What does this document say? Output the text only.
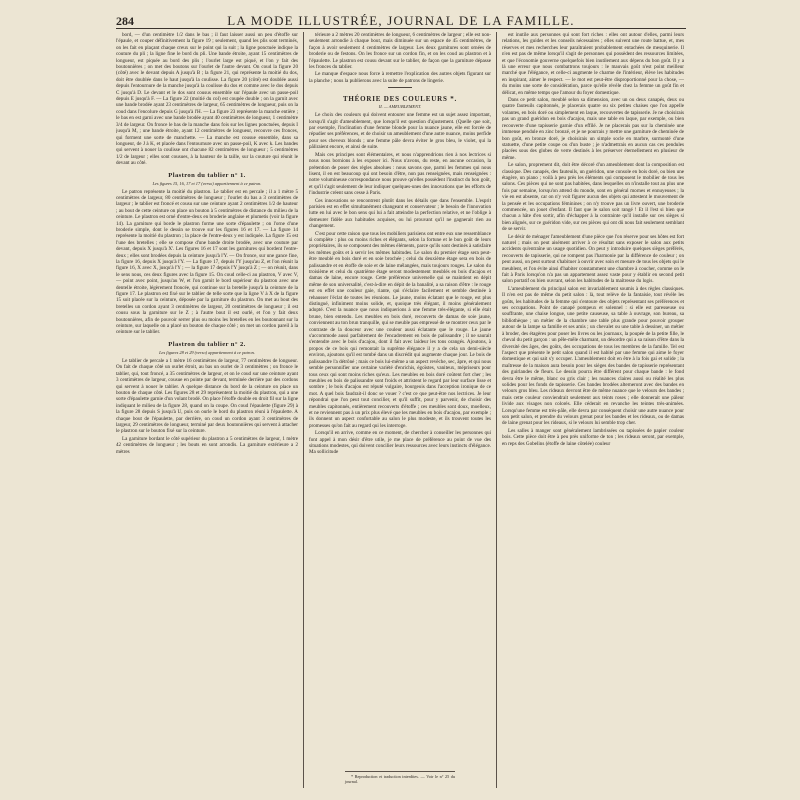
284	LA MODE ILLUSTRÉE, JOURNAL DE LA FAMILLE.

bord, — d'un centimètre 1/2 dans le bas ; il faut laisser aussi un peu d'étoffe sur l'épaule, et couper définitivement la figure 19 ; seulement, quand les plis sont terminés, on les fait en plaçant chaque creux sur le point qui la suit ; la ligne ponctuée indique la couture du pli ; la ligne fine le bord du pli. Une bande étroite, ayant 15 centimètres de longueur, est piquée au bord des plis ; l'ourlet large est piqué, et l'on y fait des boutonnières ; on met des boutons sur l'ourlet de l'autre devant. On coud la figure 20 (côté) avec le devant depuis A jusqu'à B ; la figure 21, qui représente la moitié du dos, doit être doublée dans le haut jusqu'à la coulisse. La figure 20 (côté) est doublée aussi depuis l'entournure de la manche jusqu'à la coulisse du dos et comme avec le dos depuis C jusqu'à D. Le devant et le dos sont cousus ensemble sur l'épaule avec un passe-poil depuis E jusqu'à F. — La figure 22 (moitié du col) est coupée double ; on la garnit avec une bande brodée ayant 23 centimètres de largeur, 65 centimètres de longueur, puis on la coud dans l'encolure depuis G jusqu'à l'H. — La figure 23 représente la manche entière ; le bas en est garni avec une bande brodée ayant 40 centimètres de longueur, 1 centimètre 3/4 de largeur. On fronce le bas de la manche dans fois sur les lignes ponctuées, depuis I jusqu'à M, ; une bande étroite, ayant 12 centimètres de longueur, recouvre ces fronces, qui forment une sorte de manchette. — La manche est cousue ensemble, dans sa longueur, de J à K, et placée dans l'entournure avec un passe-poil, K avec k. Les bandes qui servent à nouer la coulisse ont chacune 82 centimètres de longueur ; 5 centimètres 1/2 de largeur ; elles sont cousues, à la hauteur de la taille, sur la couture qui réunit le devant au côté.

Plastron du tablier n° 1.
Les figures 15, 16, 17 et 17 (verso) appartiennent à ce patron.

Le patron représente la moitié du plastron. Le tablier est en percale ; il a 1 mètre 5 centimètres de largeur, 80 centimètres de longueur ; l'ourlet du bas a 3 centimètres de largeur ; le tablier est froncé et cousu sur une ceinture ayant 2 centimètres 1/2 de hauteur ; au bout de cette ceinture on place un bouton à 5 centimètres de distance du milieu de la ceinture. Le plastron est orné d'entre-deux en broderie anglaise et plumetis (voir la figure 14). La garniture qui borde le plastron forme une sorte d'épaulette ; on l'orne d'une broderie simple, dont le dessin se trouve sur les figures 16 et 17. — La figure 14 représente la moitié du plastron ; la place de l'entre-deux y est indiquée. La figure 15 est l'une des bretelles ; elle se compose d'une bande droite brodée, avec une couture par devant, depuis X jusqu'à X'. Les figures 16 et 17 sont les garnitures qui bordent l'entre-deux ; elles sont brodées depuis la ceinture jusqu'à l'Y. — On fronce, sur une gance fine, la figure 16, depuis X jusqu'à l'Y. — La figure 17, depuis l'Y jusqu'au Z, et l'on réunit la figure 16, X avec X, jusqu'à l'Y ; — la figure 17 depuis l'Y jusqu'à Z ; — on réunit, dans le sens nous, ces deux figures avec la figure 15. On coud celle-ci au plastron, V avec V, — point avec point, jusqu'au W, et l'on garnit le bord supérieur du plastron avec une dentelle étroite, légèrement froncée, qui continue sur la bretelle jusqu'à la ceinture de la figure 17. Le plastron est fixé sur le tablier de telle sorte que la ligne V à X de la figure 15 soit placée sur la ceinture, déposée par la garniture du plastron. On met au bout des bretelles un cordon ayant 3 centimètres de largeur, 20 centimètres de longueur ; il est cousu sous la garniture sur le Z ; à l'autre bout il est ourlé, et l'on y fait deux boutonnières, afin de pouvoir serrer plus ou moins les bretelles en les boutonnant sur la ceinture, sur laquelle on a placé un bouton de chaque côté ; on met un cordon pareil à la ceinture sur le tablier.

Plastron du tablier n° 2.
Les figures 28 et 29 (verso) appartiennent à ce patron.

Le tablier de percale a 1 mètre 16 centimètres de largeur, 77 centimètres de longueur. On fait de chaque côté un ourlet étroit, au bas un ourlet de 3 centimètres ; on fronce le tablier, qui, tout froncé, a 35 centimètres de largeur, et on le coud sur une ceinture ayant 3 centimètres de largeur, cousue en pointe par devant, terminée derrière par des cordons qui servent à nouer le tablier. A quelque distance du bord de la ceinture on place un bouton de chaque côté. Les figures 28 et 29 représentent la moitié du plastron, qui a une sorte d'épaulette garnie d'un volant brodé. On place l'étoffe double en droit fil sur la ligne indiquant le milieu de la figure 28, quand on la coupe. On coud l'épaulette (figure 29) à la figure 28 depuis S jusqu'à U, puis on ourle le bord du plastron réuni à l'épaulette. A chaque bout de l'épaulette, par derrière, on coud un cordon ayant 3 centimètres de largeur, 29 centimètres de longueur, terminé par deux boutonnières qui servent à attacher le plastron sur le bouton fixé sur la ceinture.

La garniture bordant le côté supérieur du plastron a 5 centimètres de largeur, 1 mètre 42 centimètres de longueur ; les bouts en sont arrondis. La garniture extérieure a 2 mètres

térieure a 2 mètres 20 centimètres de longueur, 6 centimètres de largeur ; elle est non-seulement arrondie à chaque bout, mais diminuée sur un espace de 45 centimètres, de façon à avoir seulement 4 centimètres de largeur. Les deux garnitures sont ornées de broderie ou de festons. On les fronce sur un cordon fin, et on les coud au plastron et à l'épaulette. Le plastron est cousu devant sur le tablier, de façon que la garniture dépasse les fronces du tablier.

Le manque d'espace nous force à remettre l'explication des autres objets figurant sur la planche ; nous la publierons avec la suite de patrons de lingerie.

THÉORIE DES COULEURS *.
II. — AMEUBLEMENT.

Le choix des couleurs qui doivent entourer une femme est un sujet assez important, lorsqu'il s'agit d'ameublement, que lorsqu'il est question d'ajustement. (Quelle que soit, par exemple, l'inclination d'une femme blonde pour la nuance jaune, elle est forcée de répudier ses préférences, et de choisir un ameublement d'une autre nuance, moins perfide pour ses cheveux blonds ; une femme pâle devra éviter le gros bleu, le violet, qui la pâliraient encore, et ainsi de suite.

Mais ces principes sont élémentaires, et nous n'apprendrions rien à nos lectrices si nous nous bornions à les exposer ici. Nous n'avons, du reste, en aucune occasion, la prétention de poser des règles absolues : nous savons que, parmi les femmes qui nous lisent, il en est beaucoup qui ont besoin d'être, non pas renseignées, mais renseignées : notre volumineuse correspondance nous prouve qu'elles possèdent l'instinct du bon goût, et qu'il s'agit seulement de leur indiquer quelques-unes des innovations que les efforts de l'industrie créent sans cesse à Paris.

Ces innovations se rencontrent plutôt dans les détails que dans l'ensemble. L'esprit parisien est en effet simultanément changeant et conservateur ; le besoin de l'innovation lutte en lui avec le bon sens qui lui a fait atteindre la perfection relative, et ne l'oblige à demeurer fidèle aux habitudes acquises, ou lui prouvant qu'il ne gagnerait rien au changement.

C'est pour cette raison que tous les mobiliers parisiens ont entre eux une ressemblance si complète : plus ou moins riches et élégants, selon la fortune et le bon goût de leurs propriétaires, ils se composent des mêmes éléments, parce qu'ils sont destinés à satisfaire les mêmes goûts et à servir les mêmes habitudes. Le salon du premier étage sera peut-être meublé en bois doré et en soie brochée ; celui du deuxième étage sera en bois de palissandre et en étoffe de soie et de laine mélangées, mais toujours rouges. Le salon du troisième et celui du quatrième étage seront modestement meublés en bois d'acajou et damas de laine, encore rouge. Cette préférence universelle qui se maintient en dépit même de son universalité, c'est-à-dire en dépit de la banalité, a sa raison d'être : le rouge est en effet une couleur gaie, riante, qui s'éclaire facilement et semble destinée à rehausser l'éclat de toutes les réunions. Le jaune, moins éclatant que le rouge, est plus distingué, infiniment moins solide, et, quoique très élégant, il moins généralement adopté. C'est la nuance que nous indiquerions à une femme très-élégante, si elle était brune, bien entendu. Les meubles en bois doré, recouverts de damas de soie jaune, conviennent au ton brun tranquille, qui se meuble pas empressé de se montrer ceux par le contraste de la douceur avec une couleur aussi éclatante que le rouge. Le jaune s'accommode aussi parfaitement de l'encadrement en bois de palissandre ; il ne saurait s'entendre avec le bois d'acajou, dont il fait avec laideur les tons orangés. Ajoutons, à propos de ce bois qui remontait la suprême élégance il y a de cela un demi-siècle environ, ajoutons qu'il est tombé dans un discrédit qui augmente chaque jour. Le bois de palissandre l'a détrôné ; mais ce bois lui-même a un aspect revêche, sec, âpre, et qui nous semble personnifier une certaine variété d'enrichis, égoïstes, vaniteux, mépriseurs pour tous ceux qui sont moins riches qu'eux. Les meubles en bois doré coûtent fort cher ; les meubles en bois de palissandre sont froids et attristent le regard par leur surface lisse et sombre ; le bois d'acajou est réputé vulgaire, bourgeois dans l'acception ironique de ce mot. A quel bois faudrait-il donc se vouer ? c'est ce que peut-être nos lectrices. Je leur répondrai que l'on peut tout concilier, et qu'il suffit, pour y parvenir, de choisir des meubles capitonnés, entièrement recouverts d'étoffe ; ces meubles sont doux, moelleux, et ne reviennent pas à un prix plus élevé que les meubles en bois d'acajou, par exemple ; ils donnent un aspect confortable au salon le plus modeste, et ils trouvent toutes les promesses qu'on fait au regard qui les interroge.

Lorsqu'il en arrive, comme en ce moment, de chercher à conseiller les personnes qui font appel à mon désir d'être utile, je me place de préférence au point de vue des situations modestes, qui doivent concilier leurs ressources avec leurs instincts d'élégance. Ma sollicitude

* Reproduction et traduction interdites. — Voir le n° 25 du journal.

est inutile aux personnes qui sont fort riches : elles ont autour d'elles, parmi leurs relations, les guides et les conseils nécessaires ; elles suivent une route battue, et, mes réserves et mes recherches leur paraîtraient probablement entachées de mesquinerie. Il n'en est pas de même lorsqu'il s'agit de personnes qui possèdent des ressources limitées, et que l'économie gouverne quelquefois bien inutilement aux dépens du bon goût. Il y a là une erreur que nous combattrons toujours : le mauvais goût n'est point meilleur marché que l'élégance, et celle-ci augmente le charme de l'intérieur, élève les habitudes en inspirant, aimer le respect. — le mot est peut-être disproportionné pour la chose, — du moins une sorte de considération, parce qu'elle révèle chez la femme un goût fin et délicat, en même temps que l'amour du foyer domestique.

Dans ce petit salon, meublé selon sa dimension, avec un ou deux canapés, deux ou quatre fauteuils capitonnés, je placerais quatre ou six petites chaises que l'on appelle volantes, en bois doré ou simplement en laque, recouvertes de tapisserie. Je ne choisirais pas un grand guéridon en bois d'acajou, mais une table en laque, par exemple, ou bien recouverte d'une tapisserie garnie d'un effilé. Je ne placerais pas sur la cheminée une immense pendule en zinc bronzé, et je ne pourrais y mettre une garniture de cheminée de bon goût, en bronze doré, je choisirais un simple socle en marbre, surmonté d'une statuette, d'une petite coupe ou d'un buste ; je n'admettrais en aucun cas ces pendules placées sous des globes de verre destinés à les préserver éternellement en plusieur de même.

Le salon, proprement dit, doit être décoré d'un ameublement dont la composition est classique. Des canapés, des fauteuils, un guéridon, une console en bois doré, ou bien une étagère, un piano ; voilà à peu près les éléments qui composent le mobilier de tous les salons. Ces pièces qui ne sont pas habitées, dans lesquelles on n'installe tout au plus une fois par semaine, lorsqu'on attend du monde, sont en général mornes et ennuyeuses ; la vie en est absente, car on n'y voit figurer aucun des objets qui attestent le mouvement de la pensée et les occupations féminines ; on n'y trouve pas un livre ouvert, une broderie commencée, un jouet d'enfant. Il faut que le salon soit rangé ! Et il l'est si bien que chacun a hâte d'en sortir, afin d'échapper à la contrainte qu'il installe sur ces sièges si bien alignés, sur ce guéridon vide, sur ces pièces qui ont dû nous fait seulement semblant de se servir.

Le désir de ménager l'ameublement d'une pièce que l'on réserve pour ses hôtes est fort naturel ; mais on peut aisément arriver à ce résultat sans exposer le salon aux petits accidents qu'entraîne un usage quotidien. On peut y introduire quelques sièges préférés, recouverts de tapisserie, qui ne rompent pas l'harmonie par la différence de couleur ; on peut aussi, on peut surtout s'habituer à ouvrir avec soin et mesure de tous les objets qui le meublent, et l'on évite ainsi d'habiter constamment une chambre à coucher, comme on le fait à Paris lorsqu'on n'a pas un appartement assez vaste pour y établir en second petit salon portatif ou bien ouvrant, selon les habitudes de la maîtresse du logis.

L'ameublement du principal salon est invariablement soumis à des règles classiques. Il n'en est pas de même du petit salon : là, tout relève de la fantaisie, tout révèle les goûts, les habitudes de la femme qui s'entoure des objets représentant ses préférences et ses occupations. Point de canapé pompeux et solennel : si elle est paresseuse ou souffrante, une chaise longue, une petite causeuse, sa table à ouvrage, son bureau, sa bibliothèque ; un métier de la chambre une table plus grande pour pouvoir grouper autour de la lampe sa famille et ses amis ; un chevalet ou une table à dessiner, un métier à broder, des étagères pour poser les livres ou les journaux, la poupée de la petite fille, le cheval du petit garçon : un pêle-mêle charmant, un désordre qui a sa raison d'être dans la diversité des âges, des goûts, des occupations de tous les membres de la famille. Tel est l'aspect que présente le petit salon quand il est habité par une femme qui aime le foyer domestique et qui sait s'y occuper. L'ameublement doit en être à la fois gai et solide ; la maîtresse de la maison aura besoin pour les sièges des bandes de tapisserie représentant des guirlandes de fleurs. Le dessin pourra être différent pour chaque bande : le fond devra être le même, blanc ou gris clair ; les nuances claires aussi ou réalité les plus solides pour les fonds de tapisserie. Ces bandes brodées alterneront avec des bandes en velours gros bleu. Les rideaux devront être de même nuance que le velours des bandes ; mais cette couleur conviendrait seulement aux teints roses ; elle donnerait une pâleur livide aux visages non colorés. Elle céderait en revanche les teintes très-animées. Lorsqu'une femme est très-pâle, elle devra par conséquent choisir une autre nuance pour son petit salon, et prendre du velours grenat pour les bandes et les rideaux, ou de damas de laine grenat pour les rideaux, si le velours lui semble trop cher.

Les salles à manger sont généralement lambrissées ou tapissées de papier couleur bois. Cette pièce doit être à peu près uniforme de ton ; les rideaux seront, par exemple, en reps des Gobelins (étoffe de laine cötelée) couleur
